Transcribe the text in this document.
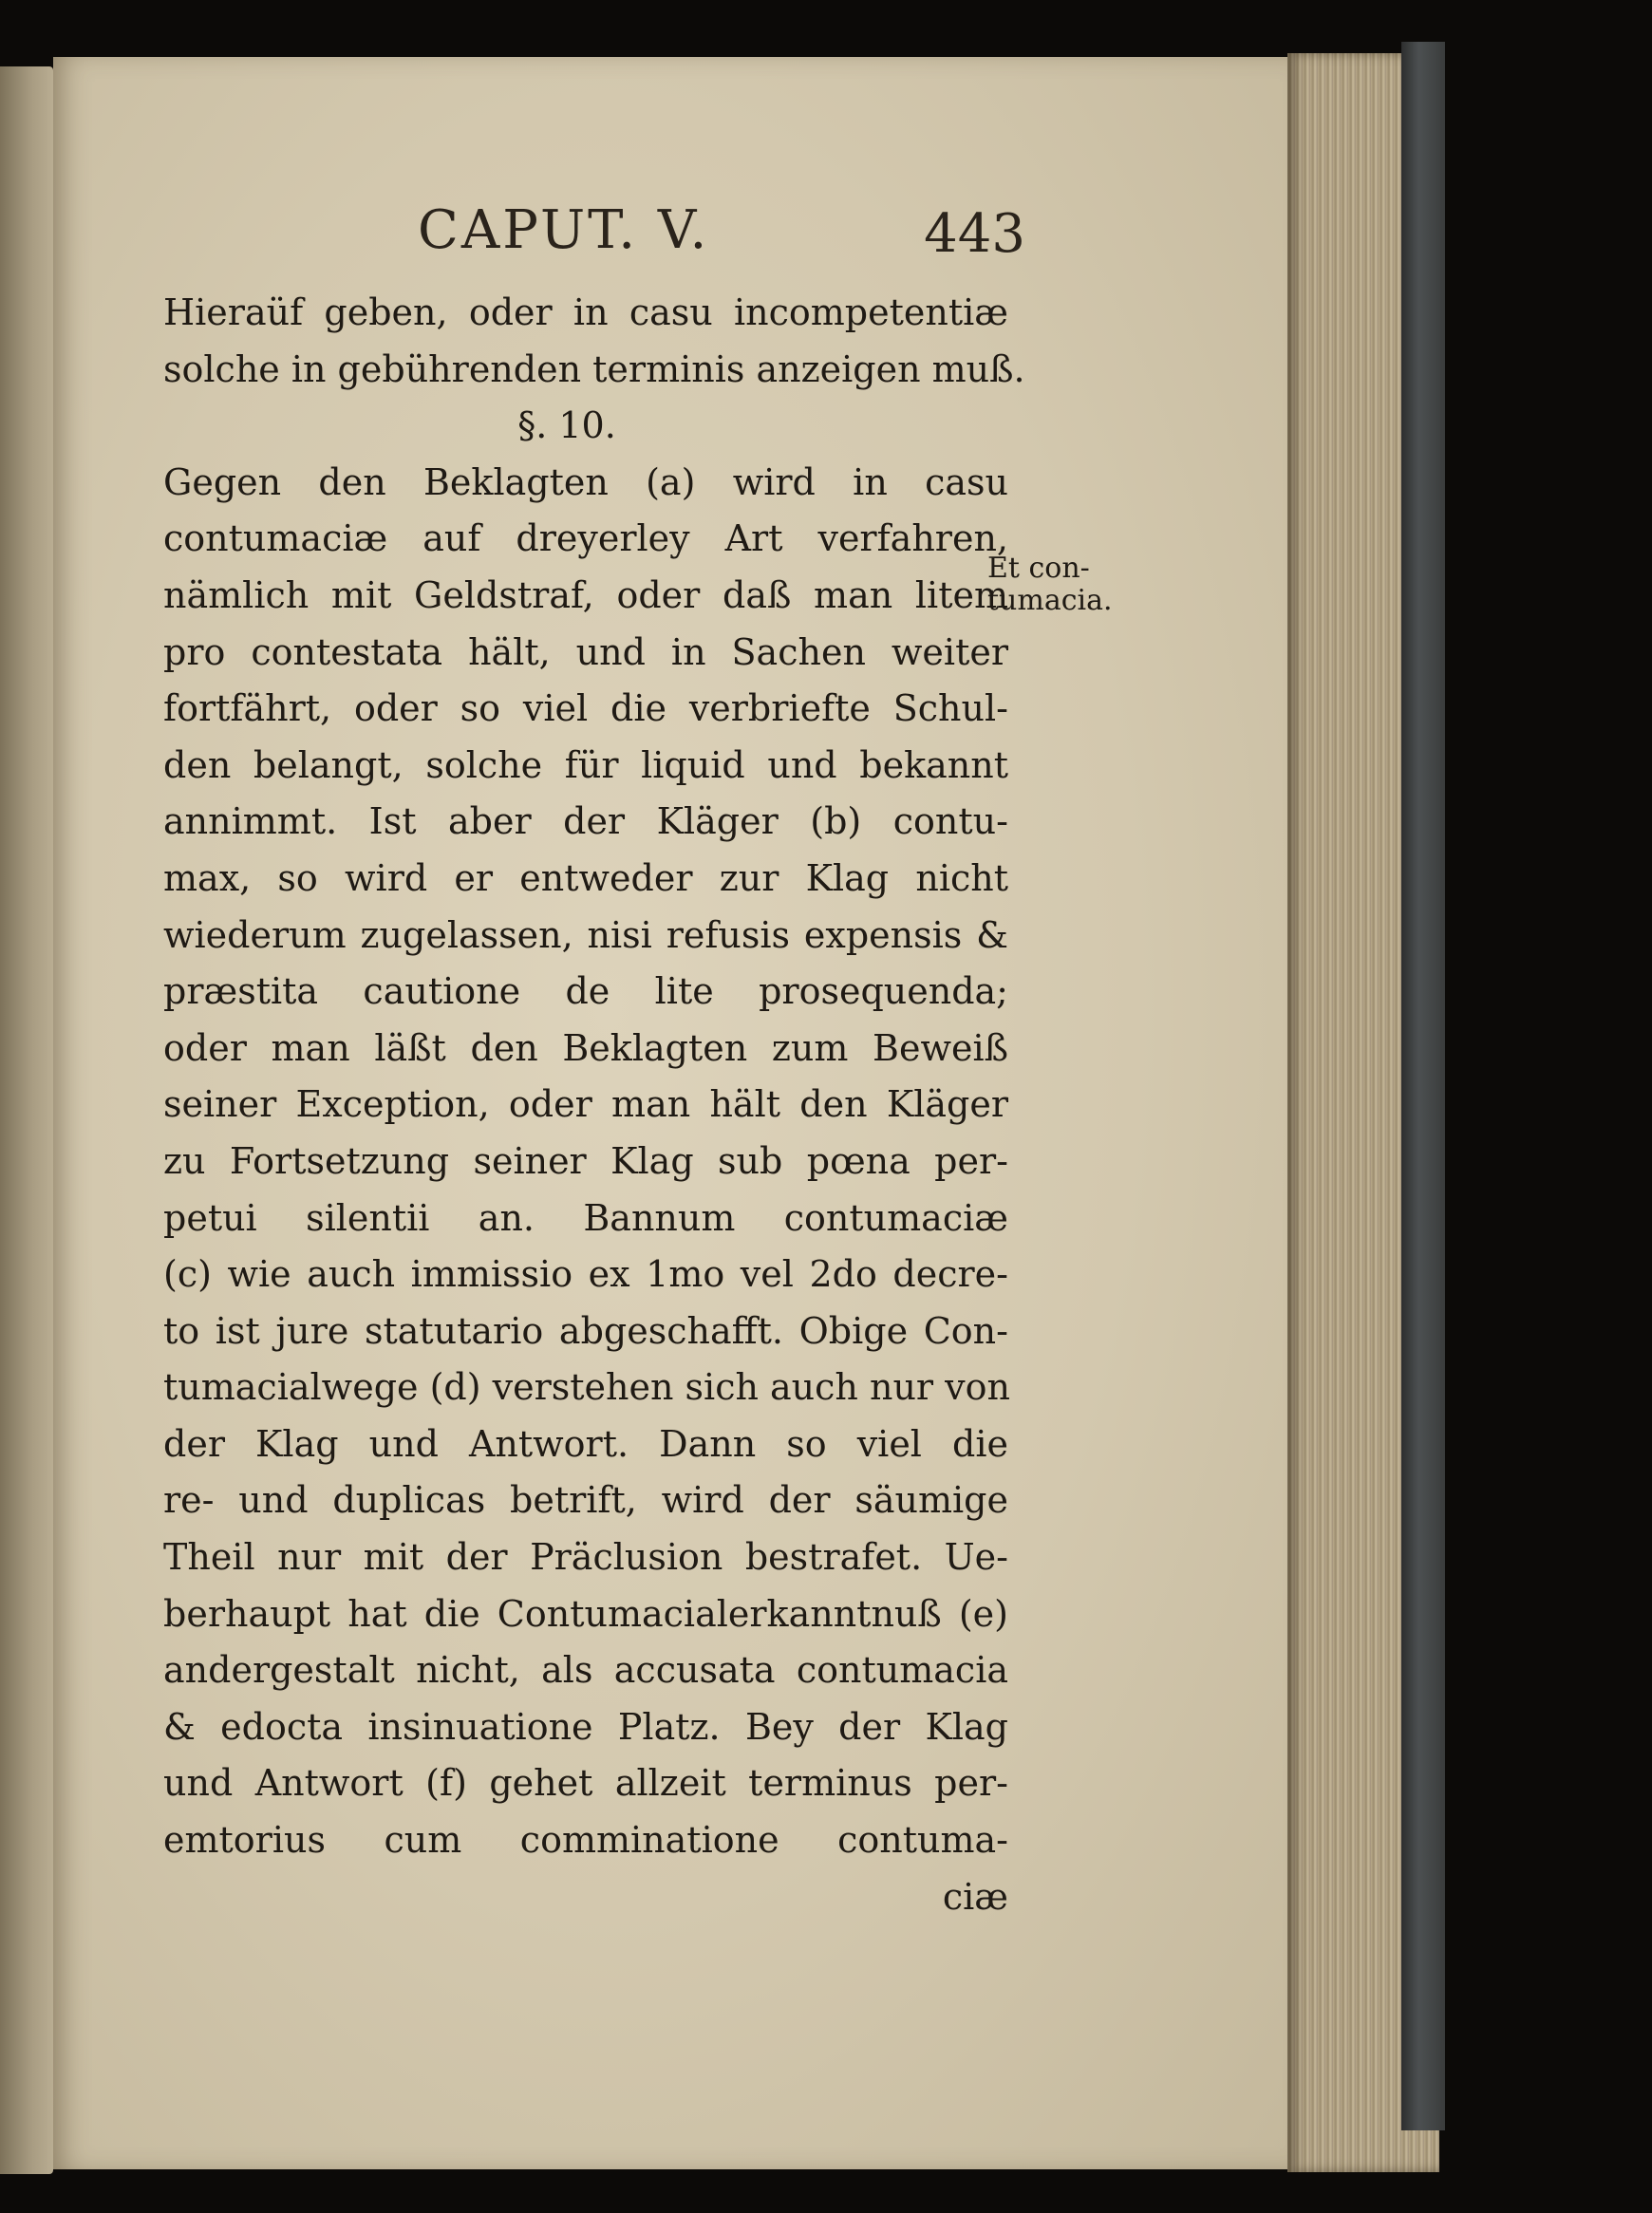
CAPUT. V.	443
Hieraüf geben, oder in casu incompetentiæ
solche in gebührenden terminis anzeigen muß.
§. 10.
Gegen den Beklagten (a) wird in casu
contumaciæ auf dreyerley Art verfahren,
nämlich mit Geldstraf, oder daß man litem
pro contestata hält, und in Sachen weiter
fortfährt, oder so viel die verbriefte Schul-
den belangt, solche für liquid und bekannt
annimmt. Ist aber der Kläger (b) contu-
max, so wird er entweder zur Klag nicht
wiederum zugelassen, nisi refusis expensis &
præstita cautione de lite prosequenda;
oder man läßt den Beklagten zum Beweiß
seiner Exception, oder man hält den Kläger
zu Fortsetzung seiner Klag sub pœna per-
petui silentii an. Bannum contumaciæ
(c) wie auch immissio ex 1mo vel 2do decre-
to ist jure statutario abgeschafft. Obige Con-
tumacialwege (d) verstehen sich auch nur von
der Klag und Antwort. Dann so viel die
re- und duplicas betrift, wird der säumige
Theil nur mit der Präclusion bestrafet. Ue-
berhaupt hat die Contumacialerkanntnuß (e)
andergestalt nicht, als accusata contumacia
& edocta insinuatione Platz. Bey der Klag
und Antwort (f) gehet allzeit terminus per-
emtorius cum comminatione contuma-
ciæ
Et con-
tumacia.
